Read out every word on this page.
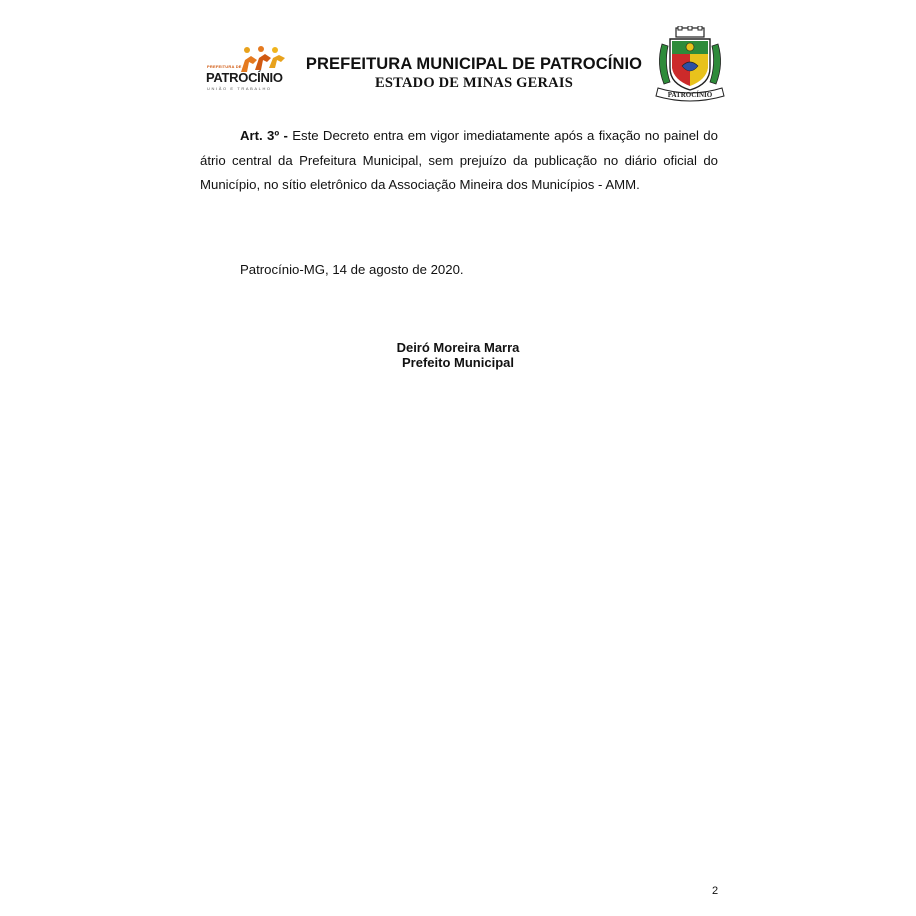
PREFEITURA DE
PATROCÍNIO
UNIÃO E TRABALHO
PREFEITURA MUNICIPAL DE PATROCÍNIO
ESTADO DE MINAS GERAIS
PATROCÍNIO
Art. 3º - Este Decreto entra em vigor imediatamente após a fixação no painel do átrio central da Prefeitura Municipal, sem prejuízo da publicação no diário oficial do Município, no sítio eletrônico da Associação Mineira dos Municípios - AMM.
Patrocínio-MG, 14 de agosto de 2020.
Deiró Moreira Marra
Prefeito Municipal
2
